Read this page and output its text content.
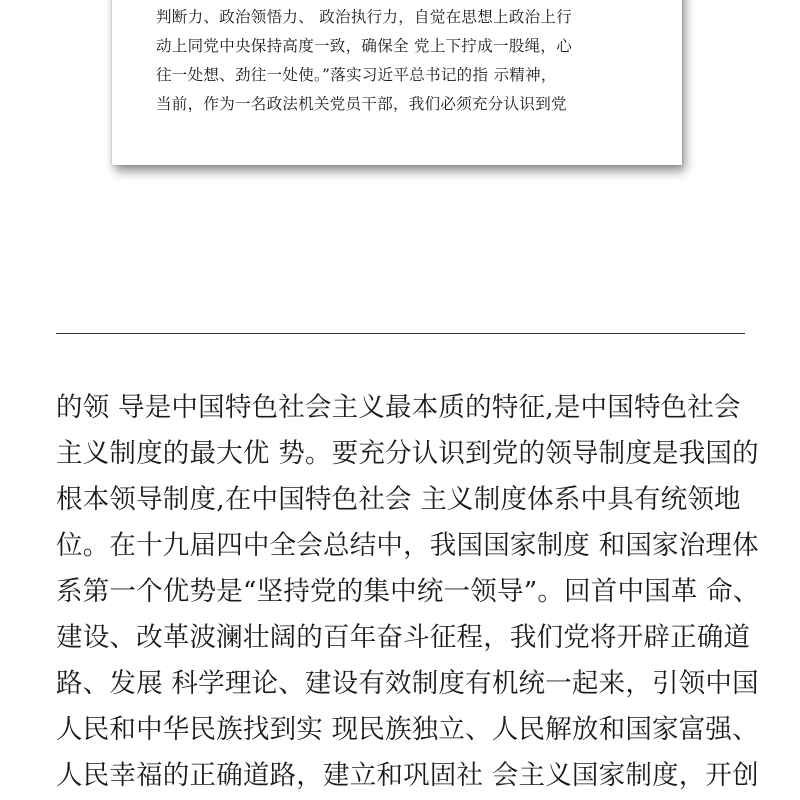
判断力、政治领悟力、 政治执行力，自觉在思想上政治上行
动上同党中央保持高度一致，确保全 党上下拧成一股绳，心
往一处想、劲往一处使。”落实习近平总书记的指 示精神，
当前，作为一名政法机关党员干部，我们必须充分认识到党
的领 导是中国特色社会主义最本质的特征,是中国特色社会
主义制度的最大优 势。要充分认识到党的领导制度是我国的
根本领导制度,在中国特色社会 主义制度体系中具有统领地
位。在十九届四中全会总结中，我国国家制度 和国家治理体
系第一个优势是“坚持党的集中统一领导”。回首中国革 命、
建设、改革波澜壮阔的百年奋斗征程，我们党将开辟正确道
路、发展 科学理论、建设有效制度有机统一起来，引领中国
人民和中华民族找到实 现民族独立、人民解放和国家富强、
人民幸福的正确道路，建立和巩固社 会主义国家制度，开创
